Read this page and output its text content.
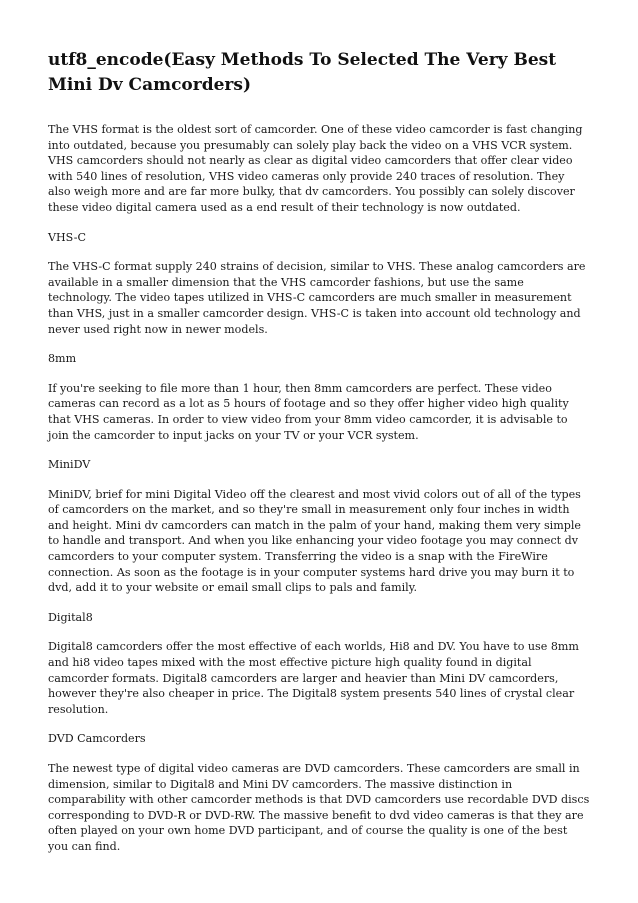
utf8_encode(Easy Methods To Selected The Very Best Mini Dv Camcorders)

The VHS format is the oldest sort of camcorder. One of these video camcorder is fast changing into outdated, because you presumably can solely play back the video on a VHS VCR system. VHS camcorders should not nearly as clear as digital video camcorders that offer clear video with 540 lines of resolution, VHS video cameras only provide 240 traces of resolution. They also weigh more and are far more bulky, that dv camcorders. You possibly can solely discover these video digital camera used as a end result of their technology is now outdated.

VHS-C

The VHS-C format supply 240 strains of decision, similar to VHS. These analog camcorders are available in a smaller dimension that the VHS camcorder fashions, but use the same technology. The video tapes utilized in VHS-C camcorders are much smaller in measurement than VHS, just in a smaller camcorder design. VHS-C is taken into account old technology and never used right now in newer models.

8mm

If you're seeking to file more than 1 hour, then 8mm camcorders are perfect. These video cameras can record as a lot as 5 hours of footage and so they offer higher video high quality that VHS cameras. In order to view video from your 8mm video camcorder, it is advisable to join the camcorder to input jacks on your TV or your VCR system.

MiniDV

MiniDV, brief for mini Digital Video off the clearest and most vivid colors out of all of the types of camcorders on the market, and so they're small in measurement only four inches in width and height. Mini dv camcorders can match in the palm of your hand, making them very simple to handle and transport. And when you like enhancing your video footage you may connect dv camcorders to your computer system. Transferring the video is a snap with the FireWire connection. As soon as the footage is in your computer systems hard drive you may burn it to dvd, add it to your website or email small clips to pals and family.

Digital8

Digital8 camcorders offer the most effective of each worlds, Hi8 and DV. You have to use 8mm and hi8 video tapes mixed with the most effective picture high quality found in digital camcorder formats. Digital8 camcorders are larger and heavier than Mini DV camcorders, however they're also cheaper in price. The Digital8 system presents 540 lines of crystal clear resolution.

DVD Camcorders

The newest type of digital video cameras are DVD camcorders. These camcorders are small in dimension, similar to Digital8 and Mini DV camcorders. The massive distinction in comparability with other camcorder methods is that DVD camcorders use recordable DVD discs corresponding to DVD-R or DVD-RW. The massive benefit to dvd video cameras is that they are often played on your own home DVD participant, and of course the quality is one of the best you can find.
